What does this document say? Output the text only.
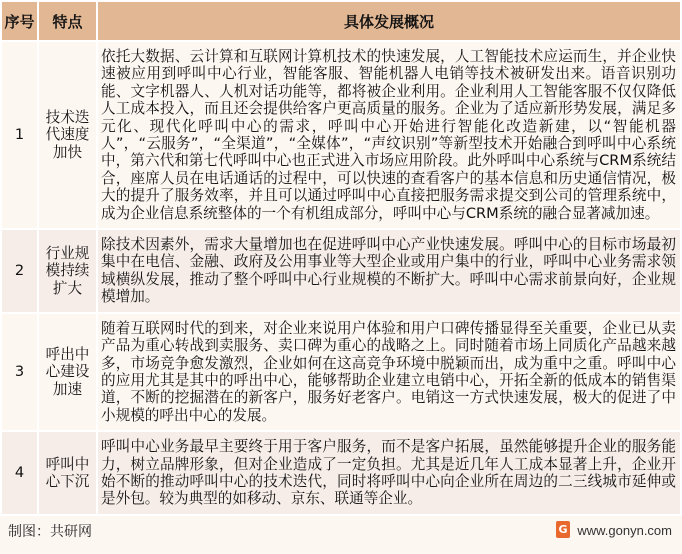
序号	特点	具体发展概况
1	技术迭代速度加快	依托大数据、云计算和互联网计算机技术的快速发展，人工智能技术应运而生，并企业快速被应用到呼叫中心行业，智能客服、智能机器人电销等技术被研发出来。语音识别功能、文字机器人、人机对话功能等，都将被企业利用。企业利用人工智能客服不仅仅降低人工成本投入，而且还会提供给客户更高质量的服务。企业为了适应新形势发展，满足多元化、现代化呼叫中心的需求，呼叫中心开始进行智能化改造新建，以“智能机器人”，“云服务”，“全渠道”，“全媒体”，“声纹识别”等新型技术开始融合到呼叫中心系统中，第六代和第七代呼叫中心也正式进入市场应用阶段。此外呼叫中心系统与CRM系统结合，座席人员在电话通话的过程中，可以快速的查看客户的基本信息和历史通信情况，极大的提升了服务效率，并且可以通过呼叫中心直接把服务需求提交到公司的管理系统中，成为企业信息系统整体的一个有机组成部分，呼叫中心与CRM系统的融合显著减加速。
2	行业规模持续扩大	除技术因素外，需求大量增加也在促进呼叫中心产业快速发展。呼叫中心的目标市场最初集中在电信、金融、政府及公用事业等大型企业或用户集中的行业，呼叫中心业务需求领域横纵发展，推动了整个呼叫中心行业规模的不断扩大。呼叫中心需求前景向好，企业规模增加。
3	呼出中心建设加速	随着互联网时代的到来，对企业来说用户体验和用户口碑传播显得至关重要，企业已从卖产品为重心转战到卖服务、卖口碑为重心的战略之上。同时随着市场上同质化产品越来越多，市场竞争愈发激烈，企业如何在这高竞争环境中脱颖而出，成为重中之重。呼叫中心的应用尤其是其中的呼出中心，能够帮助企业建立电销中心，开拓全新的低成本的销售渠道，不断的挖掘潜在的新客户，服务好老客户。电销这一方式快速发展，极大的促进了中小规模的呼出中心的发展。
4	呼叫中心下沉	呼叫中心业务最早主要终于用于客户服务，而不是客户拓展，虽然能够提升企业的服务能力，树立品牌形象，但对企业造成了一定负担。尤其是近几年人工成本显著上升，企业开始不断的推动呼叫中心的技术迭代，同时将呼叫中心向企业所在周边的二三线城市延伸或是外包。较为典型的如移动、京东、联通等企业。
制图：共研网	G www.gonyn.com
